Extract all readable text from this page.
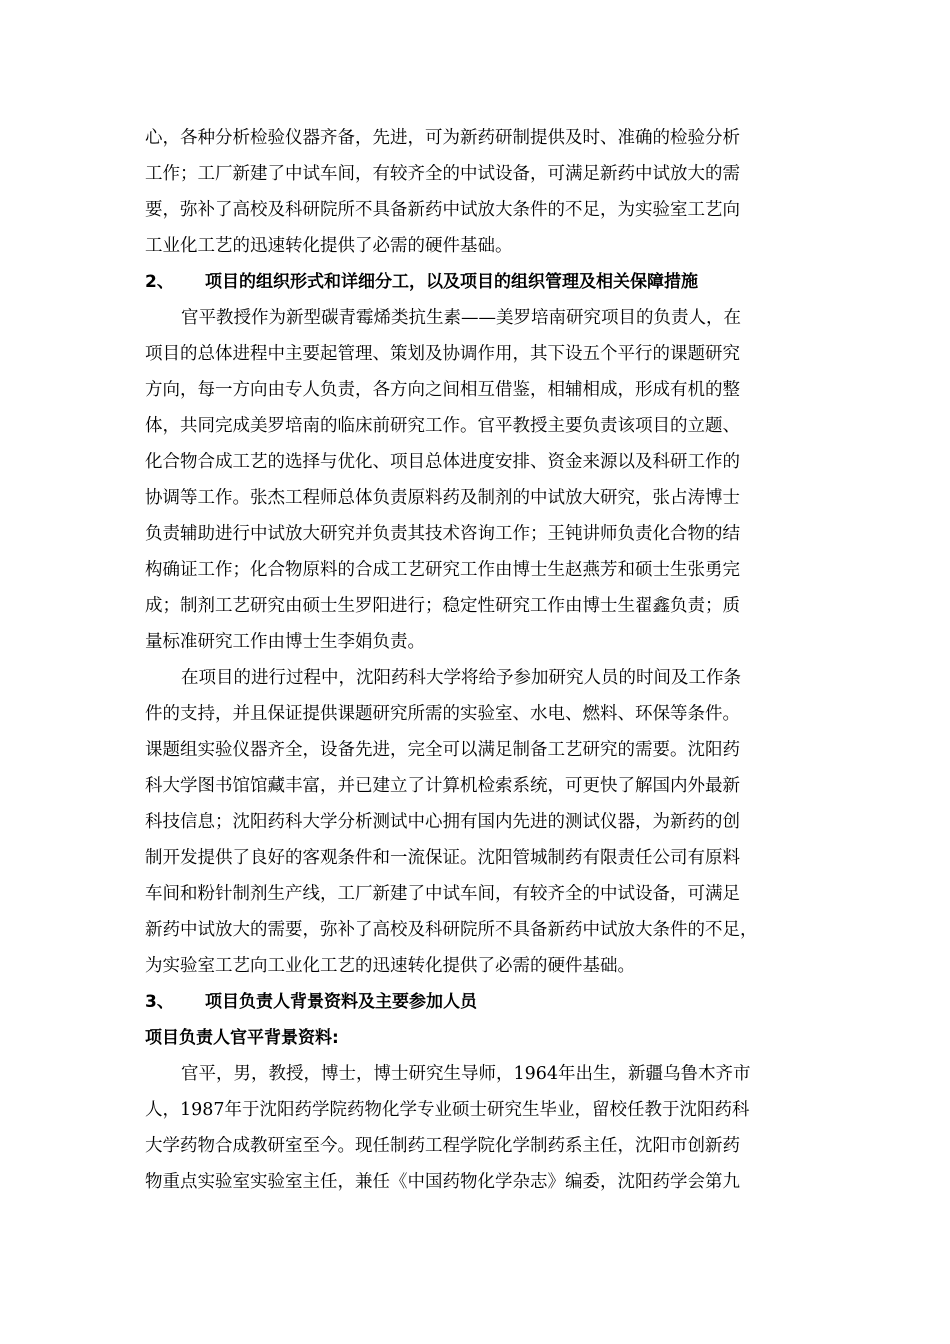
心，各种分析检验仪器齐备，先进，可为新药研制提供及时、准确的检验分析
工作；工厂新建了中试车间，有较齐全的中试设备，可满足新药中试放大的需
要，弥补了高校及科研院所不具备新药中试放大条件的不足，为实验室工艺向
工业化工艺的迅速转化提供了必需的硬件基础。
2、 项目的组织形式和详细分工，以及项目的组织管理及相关保障措施
官平教授作为新型碳青霉烯类抗生素——美罗培南研究项目的负责人，在
项目的总体进程中主要起管理、策划及协调作用，其下设五个平行的课题研究
方向，每一方向由专人负责，各方向之间相互借鉴，相辅相成，形成有机的整
体，共同完成美罗培南的临床前研究工作。官平教授主要负责该项目的立题、
化合物合成工艺的选择与优化、项目总体进度安排、资金来源以及科研工作的
协调等工作。张杰工程师总体负责原料药及制剂的中试放大研究，张占涛博士
负责辅助进行中试放大研究并负责其技术咨询工作；王钝讲师负责化合物的结
构确证工作；化合物原料的合成工艺研究工作由博士生赵燕芳和硕士生张勇完
成；制剂工艺研究由硕士生罗阳进行；稳定性研究工作由博士生翟鑫负责；质
量标准研究工作由博士生李娟负责。
在项目的进行过程中，沈阳药科大学将给予参加研究人员的时间及工作条
件的支持，并且保证提供课题研究所需的实验室、水电、燃料、环保等条件。
课题组实验仪器齐全，设备先进，完全可以满足制备工艺研究的需要。沈阳药
科大学图书馆馆藏丰富，并已建立了计算机检索系统，可更快了解国内外最新
科技信息；沈阳药科大学分析测试中心拥有国内先进的测试仪器，为新药的创
制开发提供了良好的客观条件和一流保证。沈阳管城制药有限责任公司有原料
车间和粉针制剂生产线，工厂新建了中试车间，有较齐全的中试设备，可满足
新药中试放大的需要，弥补了高校及科研院所不具备新药中试放大条件的不足，
为实验室工艺向工业化工艺的迅速转化提供了必需的硬件基础。
3、 项目负责人背景资料及主要参加人员
项目负责人官平背景资料:
官平，男，教授，博士，博士研究生导师，1964年出生，新疆乌鲁木齐市
人，1987年于沈阳药学院药物化学专业硕士研究生毕业，留校任教于沈阳药科
大学药物合成教研室至今。现任制药工程学院化学制药系主任，沈阳市创新药
物重点实验室实验室主任，兼任《中国药物化学杂志》编委，沈阳药学会第九
